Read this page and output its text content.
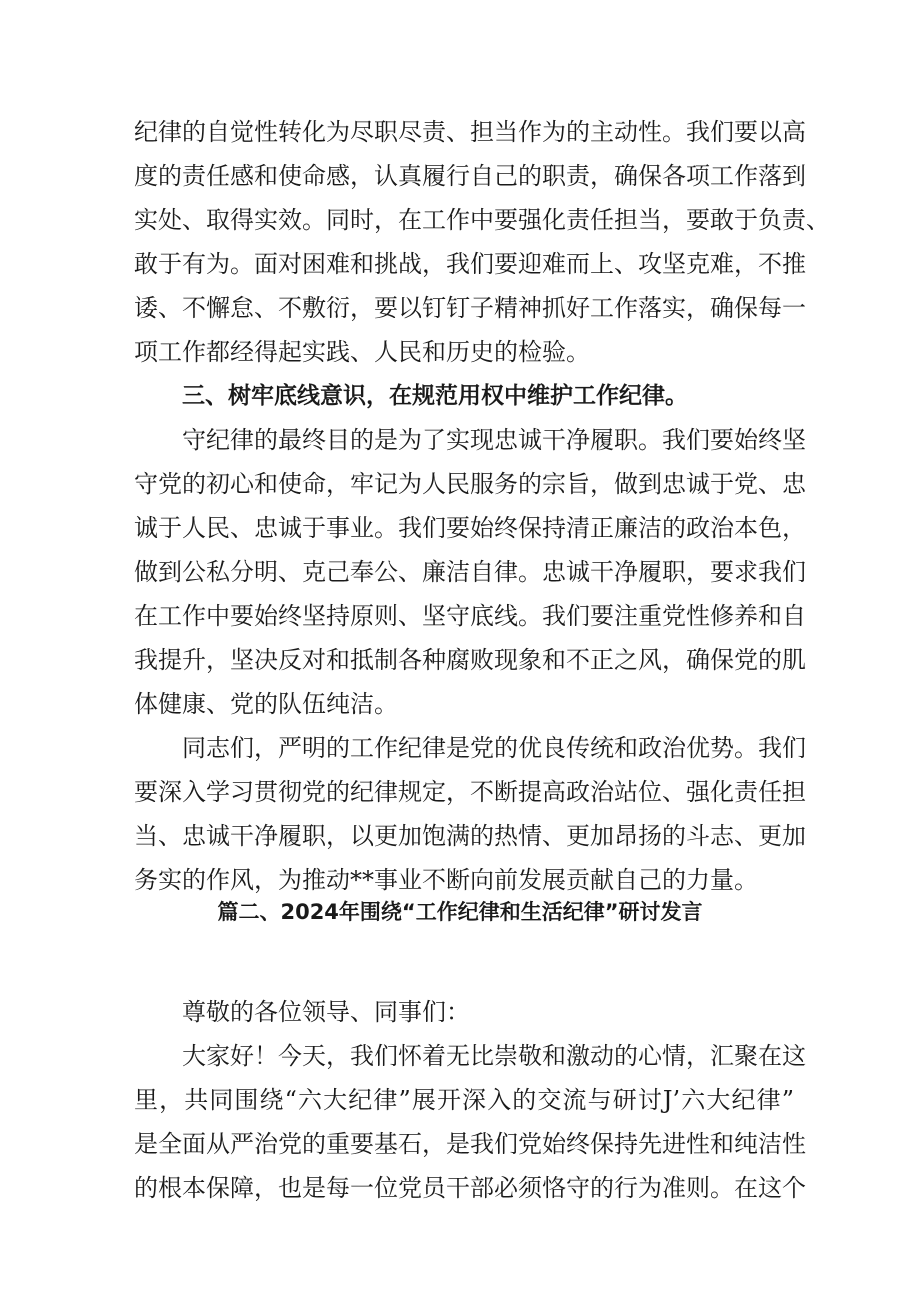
纪律的自觉性转化为尽职尽责、担当作为的主动性。我们要以高
度的责任感和使命感，认真履行自己的职责，确保各项工作落到
实处、取得实效。同时，在工作中要强化责任担当，要敢于负责、
敢于有为。面对困难和挑战，我们要迎难而上、攻坚克难，不推
诿、不懈怠、不敷衍，要以钉钉子精神抓好工作落实，确保每一
项工作都经得起实践、人民和历史的检验。
三、树牢底线意识，在规范用权中维护工作纪律。
守纪律的最终目的是为了实现忠诚干净履职。我们要始终坚
守党的初心和使命，牢记为人民服务的宗旨，做到忠诚于党、忠
诚于人民、忠诚于事业。我们要始终保持清正廉洁的政治本色，
做到公私分明、克己奉公、廉洁自律。忠诚干净履职，要求我们
在工作中要始终坚持原则、坚守底线。我们要注重党性修养和自
我提升，坚决反对和抵制各种腐败现象和不正之风，确保党的肌
体健康、党的队伍纯洁。
同志们，严明的工作纪律是党的优良传统和政治优势。我们
要深入学习贯彻党的纪律规定，不断提高政治站位、强化责任担
当、忠诚干净履职，以更加饱满的热情、更加昂扬的斗志、更加
务实的作风，为推动**事业不断向前发展贡献自己的力量。
篇二、2024年围绕“工作纪律和生活纪律”研讨发言
尊敬的各位领导、同事们：
大家好！今天，我们怀着无比崇敬和激动的心情，汇聚在这
里，共同围绕“六大纪律”展开深入的交流与研讨J’六大纪律”
是全面从严治党的重要基石，是我们党始终保持先进性和纯洁性
的根本保障，也是每一位党员干部必须恪守的行为准则。在这个
